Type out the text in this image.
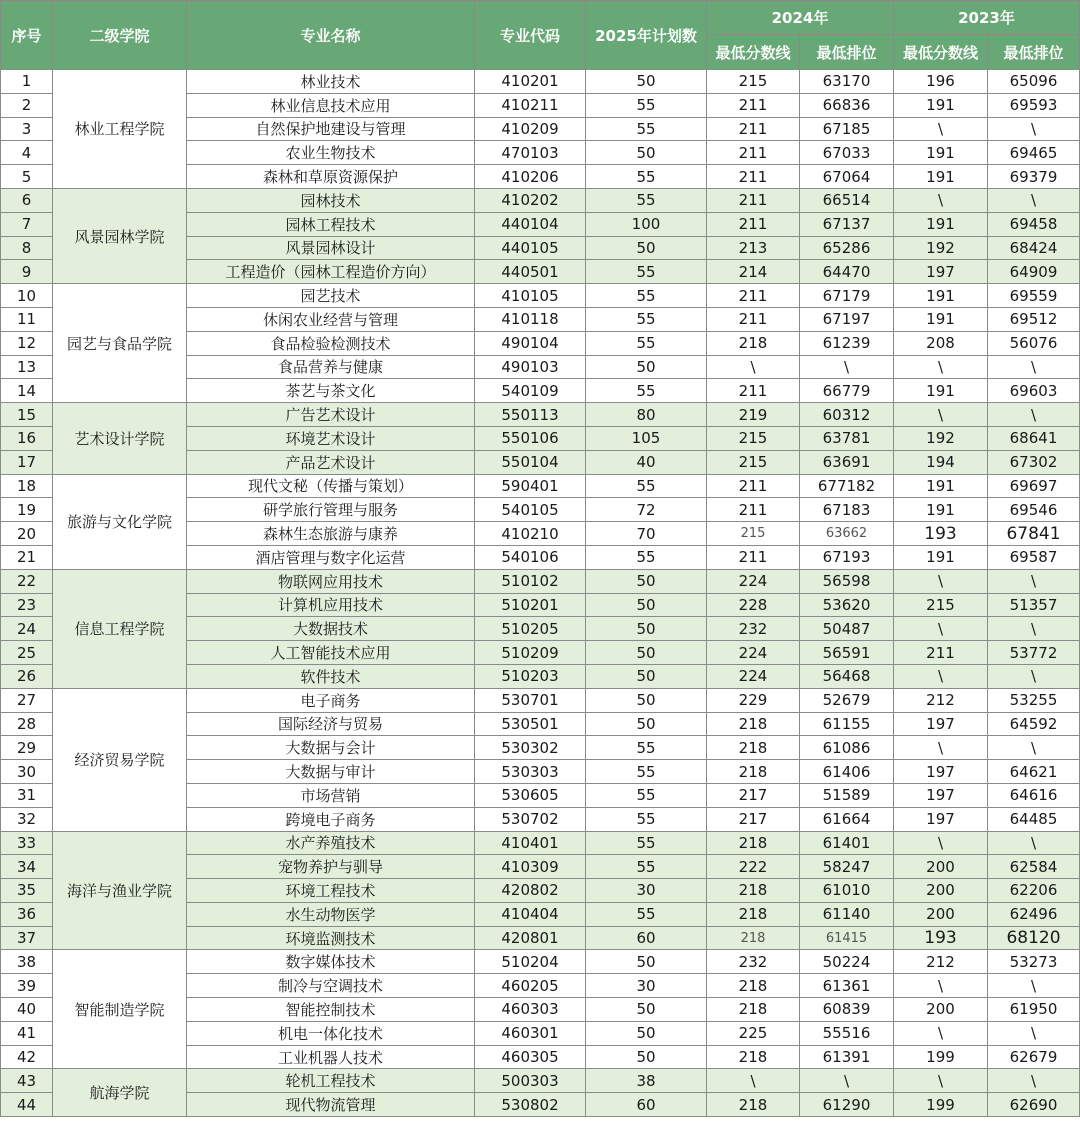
序号	二级学院	专业名称	专业代码	2025年计划数	2024年		2023年	
					最低分数线	最低排位	最低分数线	最低排位
1	林业工程学院	林业技术	410201	50	215	63170	196	65096
2		林业信息技术应用	410211	55	211	66836	191	69593
3		自然保护地建设与管理	410209	55	211	67185	\	\
4		农业生物技术	470103	50	211	67033	191	69465
5		森林和草原资源保护	410206	55	211	67064	191	69379
6	风景园林学院	园林技术	410202	55	211	66514	\	\
7		园林工程技术	440104	100	211	67137	191	69458
8		风景园林设计	440105	50	213	65286	192	68424
9		工程造价（园林工程造价方向）	440501	55	214	64470	197	64909
10	园艺与食品学院	园艺技术	410105	55	211	67179	191	69559
11		休闲农业经营与管理	410118	55	211	67197	191	69512
12		食品检验检测技术	490104	55	218	61239	208	56076
13		食品营养与健康	490103	50	\	\	\	\
14		茶艺与茶文化	540109	55	211	66779	191	69603
15	艺术设计学院	广告艺术设计	550113	80	219	60312	\	\
16		环境艺术设计	550106	105	215	63781	192	68641
17		产品艺术设计	550104	40	215	63691	194	67302
18	旅游与文化学院	现代文秘（传播与策划）	590401	55	211	677182	191	69697
19		研学旅行管理与服务	540105	72	211	67183	191	69546
20		森林生态旅游与康养	410210	70	215	63662	193	67841
21		酒店管理与数字化运营	540106	55	211	67193	191	69587
22	信息工程学院	物联网应用技术	510102	50	224	56598	\	\
23		计算机应用技术	510201	50	228	53620	215	51357
24		大数据技术	510205	50	232	50487	\	\
25		人工智能技术应用	510209	50	224	56591	211	53772
26		软件技术	510203	50	224	56468	\	\
27	经济贸易学院	电子商务	530701	50	229	52679	212	53255
28		国际经济与贸易	530501	50	218	61155	197	64592
29		大数据与会计	530302	55	218	61086	\	\
30		大数据与审计	530303	55	218	61406	197	64621
31		市场营销	530605	55	217	51589	197	64616
32		跨境电子商务	530702	55	217	61664	197	64485
33	海洋与渔业学院	水产养殖技术	410401	55	218	61401	\	\
34		宠物养护与驯导	410309	55	222	58247	200	62584
35		环境工程技术	420802	30	218	61010	200	62206
36		水生动物医学	410404	55	218	61140	200	62496
37		环境监测技术	420801	60	218	61415	193	68120
38	智能制造学院	数字媒体技术	510204	50	232	50224	212	53273
39		制冷与空调技术	460205	30	218	61361	\	\
40		智能控制技术	460303	50	218	60839	200	61950
41		机电一体化技术	460301	50	225	55516	\	\
42		工业机器人技术	460305	50	218	61391	199	62679
43	航海学院	轮机工程技术	500303	38	\	\	\	\
44		现代物流管理	530802	60	218	61290	199	62690
